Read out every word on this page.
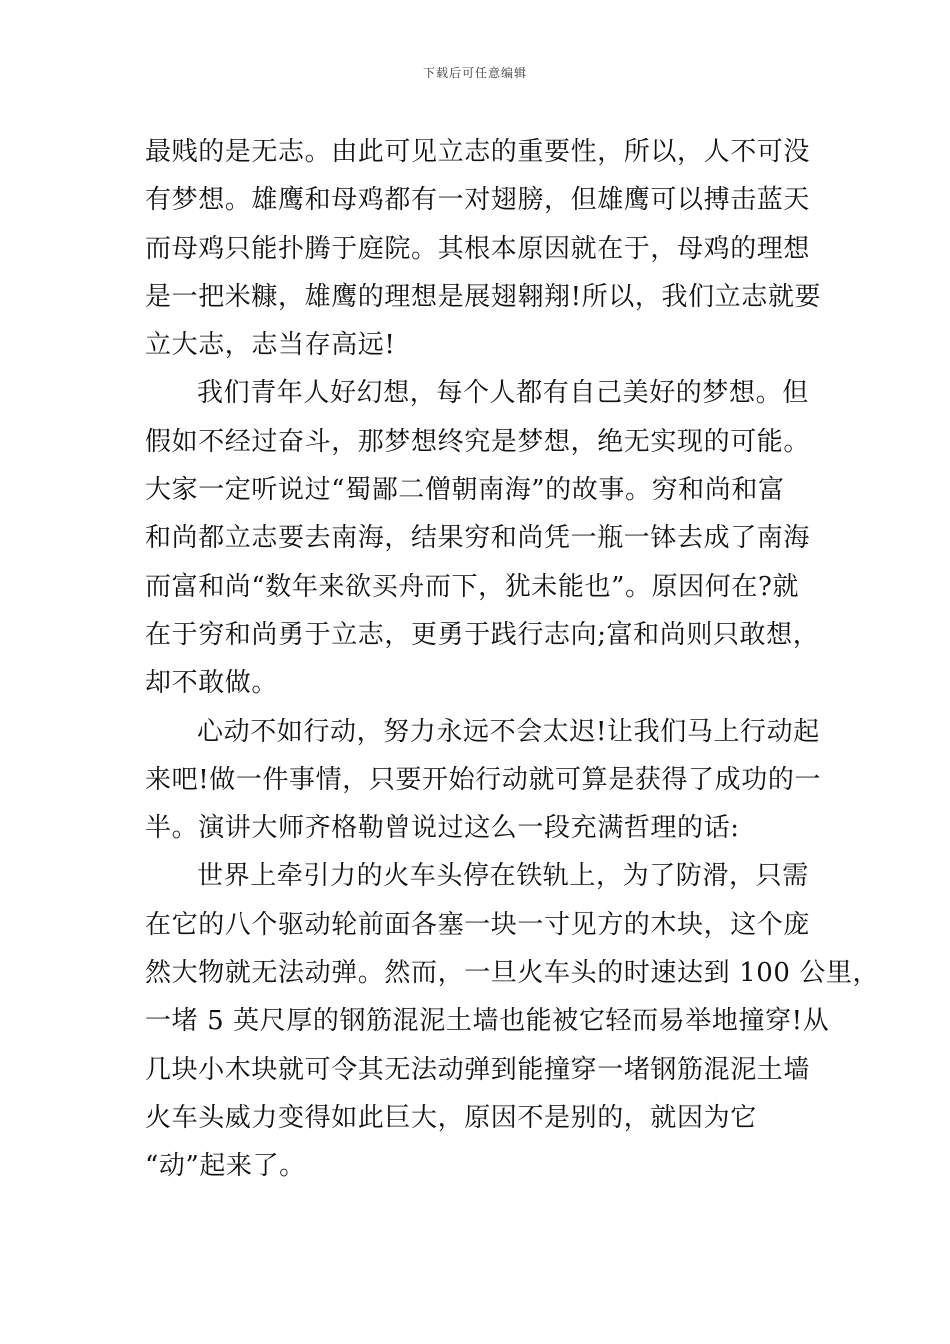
下载后可任意编辑
最贱的是无志。由此可见立志的重要性，所以，人不可没
有梦想。雄鹰和母鸡都有一对翅膀，但雄鹰可以搏击蓝天
而母鸡只能扑腾于庭院。其根本原因就在于，母鸡的理想
是一把米糠，雄鹰的理想是展翅翱翔!所以，我们立志就要
立大志，志当存高远!
我们青年人好幻想，每个人都有自己美好的梦想。但
假如不经过奋斗，那梦想终究是梦想，绝无实现的可能。
大家一定听说过“蜀鄙二僧朝南海”的故事。穷和尚和富
和尚都立志要去南海，结果穷和尚凭一瓶一钵去成了南海
而富和尚“数年来欲买舟而下，犹未能也”。原因何在?就
在于穷和尚勇于立志，更勇于践行志向;富和尚则只敢想，
却不敢做。
心动不如行动，努力永远不会太迟!让我们马上行动起
来吧!做一件事情，只要开始行动就可算是获得了成功的一
半。演讲大师齐格勒曾说过这么一段充满哲理的话:
世界上牵引力的火车头停在铁轨上，为了防滑，只需
在它的八个驱动轮前面各塞一块一寸见方的木块，这个庞
然大物就无法动弹。然而，一旦火车头的时速达到 100 公里，
一堵 5 英尺厚的钢筋混泥土墙也能被它轻而易举地撞穿!从
几块小木块就可令其无法动弹到能撞穿一堵钢筋混泥土墙
火车头威力变得如此巨大，原因不是别的，就因为它
“动”起来了。
